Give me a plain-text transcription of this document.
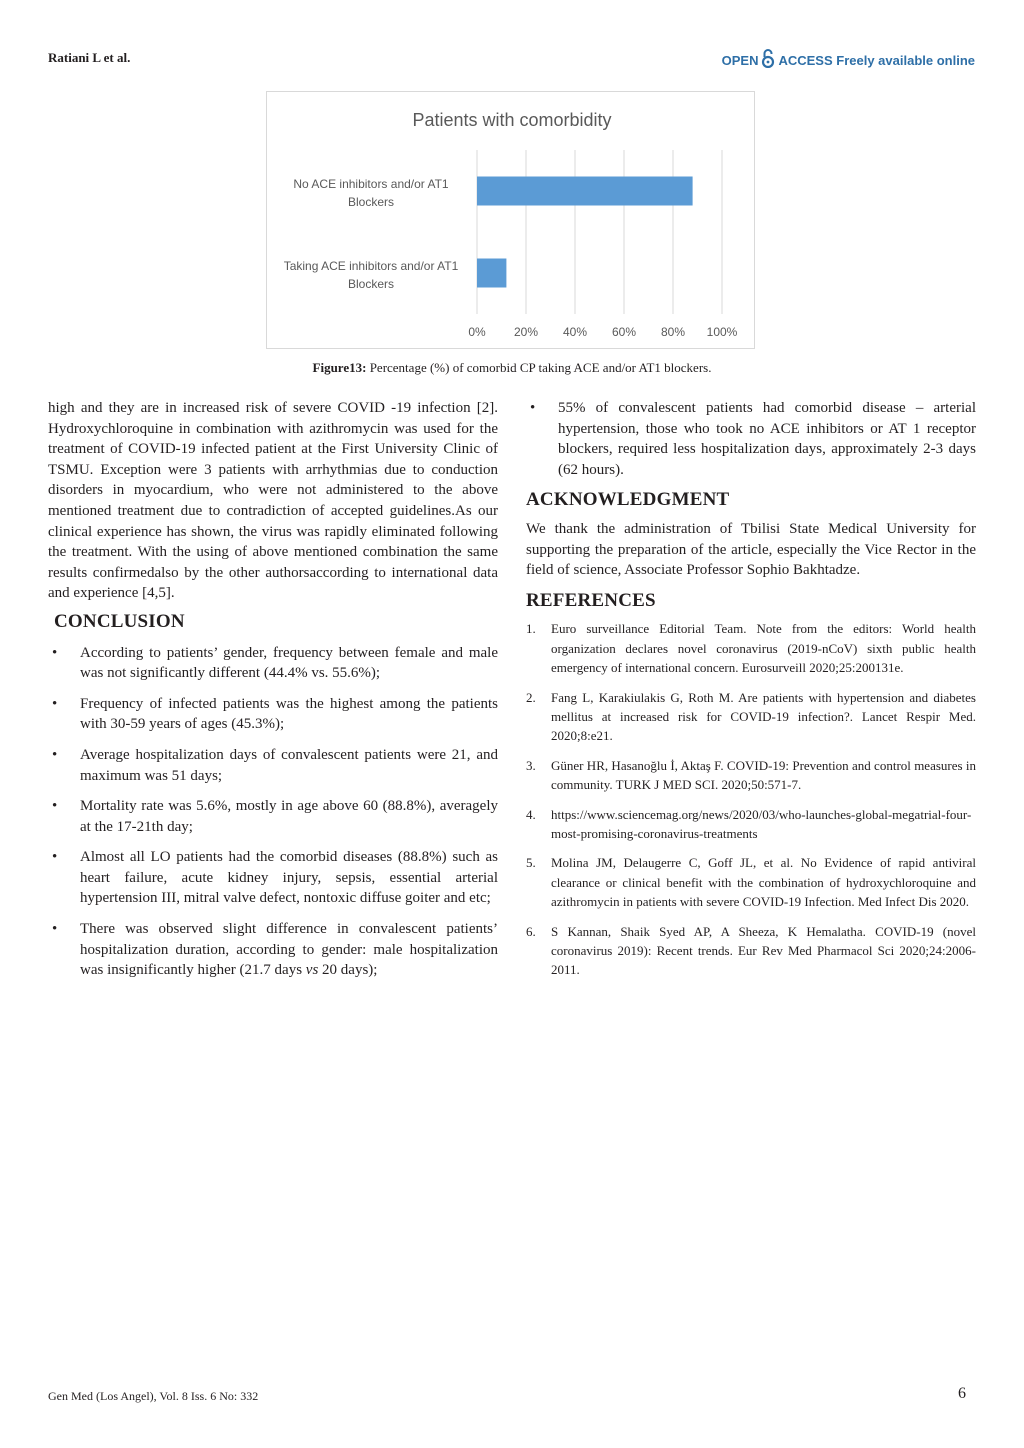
Ratiani L et al.	OPEN ACCESS Freely available online
Patients with comorbidity
No ACE inhibitors and/or AT1
Blockers
Taking ACE inhibitors and/or AT1
Blockers
0% 20% 40% 60% 80% 100%
Figure13: Percentage (%) of comorbid CP taking ACE and/or AT1 blockers.

high and they are in increased risk of severe COVID -19 infection [2]. Hydroxychloroquine in combination with azithromycin was used for the treatment of COVID-19 infected patient at the First University Clinic of TSMU. Exception were 3 patients with arrhythmias due to conduction disorders in myocardium, who were not administered to the above mentioned treatment due to contradiction of accepted guidelines.As our clinical experience has shown, the virus was rapidly eliminated following the treatment. With the using of above mentioned combination the same results confirmedalso by the other authorsaccording to international data and experience [4,5].

CONCLUSION
• According to patients’ gender, frequency between female and male was not significantly different (44.4% vs. 55.6%);
• Frequency of infected patients was the highest among the patients with 30-59 years of ages (45.3%);
• Average hospitalization days of convalescent patients were 21, and maximum was 51 days;
• Mortality rate was 5.6%, mostly in age above 60 (88.8%), averagely at the 17-21th day;
• Almost all LO patients had the comorbid diseases (88.8%) such as heart failure, acute kidney injury, sepsis, essential arterial hypertension III, mitral valve defect, nontoxic diffuse goiter and etc;
• There was observed slight difference in convalescent patients’ hospitalization duration, according to gender: male hospitalization was insignificantly higher (21.7 days vs 20 days);
• 55% of convalescent patients had comorbid disease – arterial hypertension, those who took no ACE inhibitors or AT 1 receptor blockers, required less hospitalization days, approximately 2-3 days (62 hours).
ACKNOWLEDGMENT

We thank the administration of Tbilisi State Medical University for supporting the preparation of the article, especially the Vice Rector in the field of science, Associate Professor Sophio Bakhtadze.

REFERENCES
1. Euro surveillance Editorial Team. Note from the editors: World health organization declares novel coronavirus (2019-nCoV) sixth public health emergency of international concern. Eurosurveill 2020;25:200131e.
2. Fang L, Karakiulakis G, Roth M. Are patients with hypertension and diabetes mellitus at increased risk for COVID-19 infection?. Lancet Respir Med. 2020;8:e21.
3. Güner HR, Hasanoğlu İ, Aktaş F. COVID-19: Prevention and control measures in community. TURK J MED SCI. 2020;50:571-7.
4. https://www.sciencemag.org/news/2020/03/who-launches-global-megatrial-four-most-promising-coronavirus-treatments
5. Molina JM, Delaugerre C, Goff JL, et al. No Evidence of rapid antiviral clearance or clinical benefit with the combination of hydroxychloroquine and azithromycin in patients with severe COVID-19 Infection. Med Infect Dis 2020.
6. S Kannan, Shaik Syed AP, A Sheeza, K Hemalatha. COVID-19 (novel coronavirus 2019): Recent trends. Eur Rev Med Pharmacol Sci 2020;24:2006-2011.
Gen Med (Los Angel), Vol. 8 Iss. 6 No: 332	6
